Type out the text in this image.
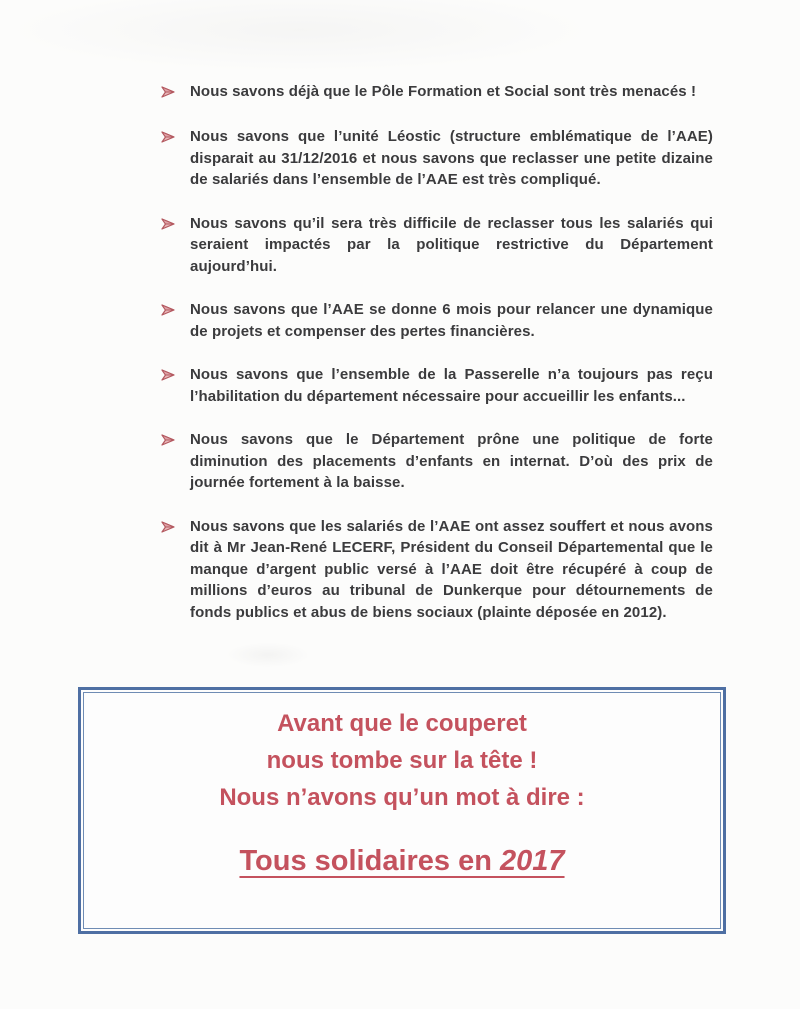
Nous savons déjà que le Pôle Formation et Social sont très menacés !

Nous savons que l’unité Léostic (structure emblématique de l’AAE) disparait au 31/12/2016 et nous savons que reclasser une petite dizaine de salariés dans l’ensemble de l’AAE est très compliqué.

Nous savons qu’il sera très difficile de reclasser tous les salariés qui seraient impactés par la politique restrictive du Département aujourd’hui.

Nous savons que l’AAE se donne 6 mois pour relancer une dynamique de projets et compenser des pertes financières.

Nous savons que l’ensemble de la Passerelle n’a toujours pas reçu l’habilitation du département nécessaire pour accueillir les enfants...

Nous savons que le Département prône une politique de forte diminution des placements d’enfants en internat. D’où des prix de journée fortement à la baisse.

Nous savons que les salariés de l’AAE ont assez souffert et nous avons dit à Mr Jean-René LECERF, Président du Conseil Départemental que le manque d’argent public versé à l’AAE doit être récupéré à coup de millions d’euros au tribunal de Dunkerque pour détournements de fonds publics et abus de biens sociaux (plainte déposée en 2012).

Avant que le couperet

nous tombe sur la tête !

Nous n’avons qu’un mot à dire :

Tous solidaires en 2017
